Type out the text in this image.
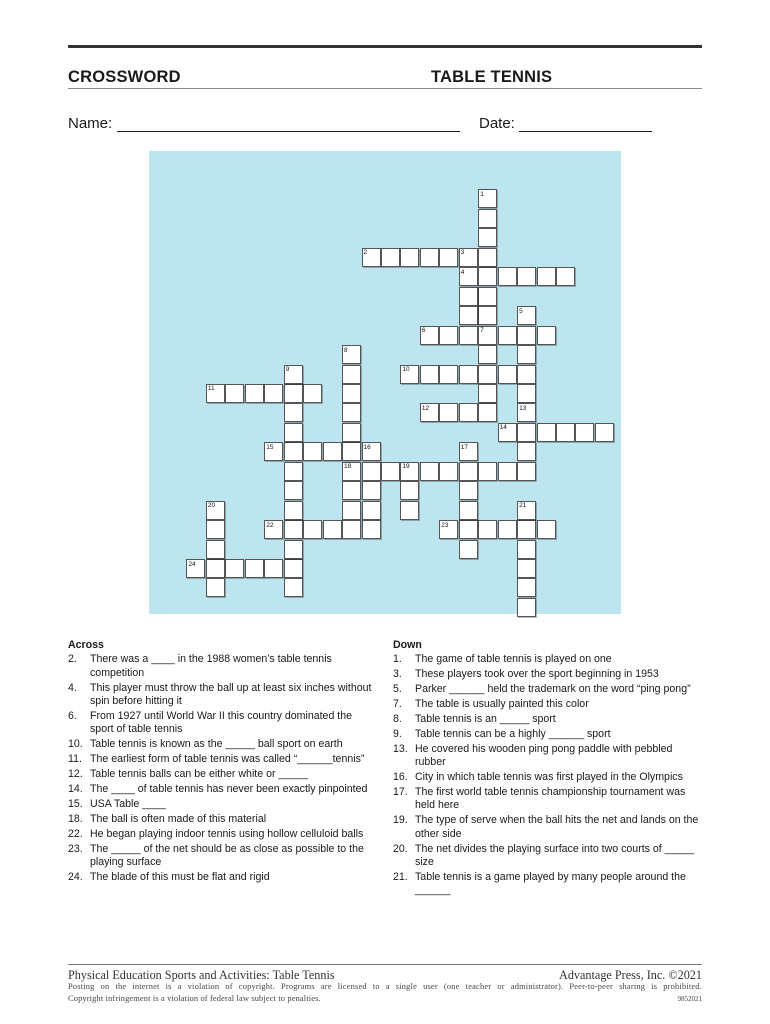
CROSSWORD	TABLE TENNIS
Name:	Date:
1
2	3
4
5
6	7
8
9	10
11
12	13
14
15	16	17
18	19
20	21
22	23
24
Across
2.	There was a ____ in the 1988 women’s table tennis competition
4.	This player must throw the ball up at least six inches without spin before hitting it
6.	From 1927 until World War II this country dominated the sport of table tennis
10. Table tennis is known as the _____ ball sport on earth
11. The earliest form of table tennis was called “______tennis”
12. Table tennis balls can be either white or _____
14. The ____ of table tennis has never been exactly pinpointed
15. USA Table ____
18. The ball is often made of this material
22. He began playing indoor tennis using hollow celluloid balls
23. The _____ of the net should be as close as possible to the playing surface
24. The blade of this must be flat and rigid
Down
1.	The game of table tennis is played on one
3.	These players took over the sport beginning in 1953
5.	Parker ______ held the trademark on the word “ping pong”
7.	The table is usually painted this color
8.	Table tennis is an _____ sport
9.	Table tennis can be a highly ______ sport
13. He covered his wooden ping pong paddle with pebbled rubber
16. City in which table tennis was first played in the Olympics
17. The first world table tennis championship tournament was held here
19. The type of serve when the ball hits the net and lands on the other side
20. The net divides the playing surface into two courts of _____ size
21. Table tennis is a game played by many people around the ______
Physical Education Sports and Activities: Table Tennis	Advantage Press, Inc. ©2021
Posting on the internet is a violation of copyright. Programs are licensed to a single user (one teacher or administrator). Peer-to-peer sharing is prohibited.
Copyright infringement is a violation of federal law subject to penalties.	9852021
